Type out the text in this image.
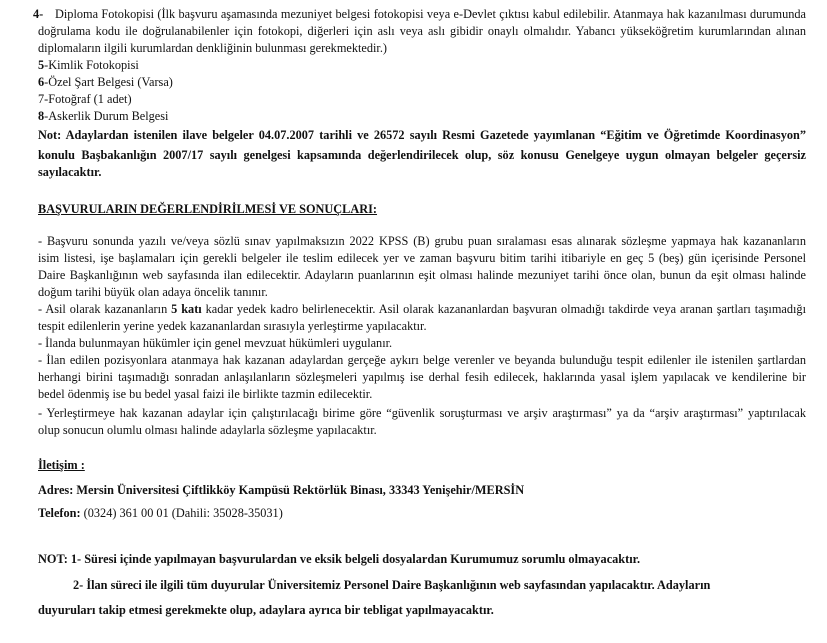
4- Diploma Fotokopisi (İlk başvuru aşamasında mezuniyet belgesi fotokopisi veya e-Devlet çıktısı kabul edilebilir. Atanmaya hak kazanılması durumunda
doğrulama kodu ile doğrulanabilenler için fotokopi, diğerleri için aslı veya aslı gibidir onaylı olmalıdır. Yabancı yükseköğretim kurumlarından alınan
diplomaların ilgili kurumlardan denkliğinin bulunması gerekmektedir.)
5-Kimlik Fotokopisi
6-Özel Şart Belgesi (Varsa)
7-Fotoğraf (1 adet)
8-Askerlik Durum Belgesi
Not: Adaylardan istenilen ilave belgeler 04.07.2007 tarihli ve 26572 sayılı Resmi Gazetede yayımlanan “Eğitim ve Öğretimde Koordinasyon”
konulu Başbakanlığın 2007/17 sayılı genelgesi kapsamında değerlendirilecek olup, söz konusu Genelgeye uygun olmayan belgeler geçersiz
sayılacaktır.
BAŞVURULARIN DEĞERLENDİRİLMESİ VE SONUÇLARI:
- Başvuru sonunda yazılı ve/veya sözlü sınav yapılmaksızın 2022 KPSS (B) grubu puan sıralaması esas alınarak sözleşme yapmaya hak kazananların
isim listesi, işe başlamaları için gerekli belgeler ile teslim edilecek yer ve zaman başvuru bitim tarihi itibariyle en geç 5 (beş) gün içerisinde Personel
Daire Başkanlığının web sayfasında ilan edilecektir. Adayların puanlarının eşit olması halinde mezuniyet tarihi önce olan, bunun da eşit olması halinde
doğum tarihi büyük olan adaya öncelik tanınır.
- Asil olarak kazananların 5 katı kadar yedek kadro belirlenecektir. Asil olarak kazananlardan başvuran olmadığı takdirde veya aranan şartları taşımadığı
tespit edilenlerin yerine yedek kazananlardan sırasıyla yerleştirme yapılacaktır.
- İlanda bulunmayan hükümler için genel mevzuat hükümleri uygulanır.
- İlan edilen pozisyonlara atanmaya hak kazanan adaylardan gerçeğe aykırı belge verenler ve beyanda bulunduğu tespit edilenler ile istenilen şartlardan
herhangi birini taşımadığı sonradan anlaşılanların sözleşmeleri yapılmış ise derhal fesih edilecek, haklarında yasal işlem yapılacak ve kendilerine bir
bedel ödenmiş ise bu bedel yasal faizi ile birlikte tazmin edilecektir.
- Yerleştirmeye hak kazanan adaylar için çalıştırılacağı birime göre “güvenlik soruşturması ve arşiv araştırması” ya da “arşiv araştırması” yaptırılacak
olup sonucun olumlu olması halinde adaylarla sözleşme yapılacaktır.
İletişim :
Adres: Mersin Üniversitesi Çiftlikköy Kampüsü Rektörlük Binası, 33343 Yenişehir/MERSİN
Telefon: (0324) 361 00 01 (Dahili: 35028-35031)
NOT: 1- Süresi içinde yapılmayan başvurulardan ve eksik belgeli dosyalardan Kurumumuz sorumlu olmayacaktır.
2- İlan süreci ile ilgili tüm duyurular Üniversitemiz Personel Daire Başkanlığının web sayfasından yapılacaktır. Adayların
duyuruları takip etmesi gerekmekte olup, adaylara ayrıca bir tebligat yapılmayacaktır.
